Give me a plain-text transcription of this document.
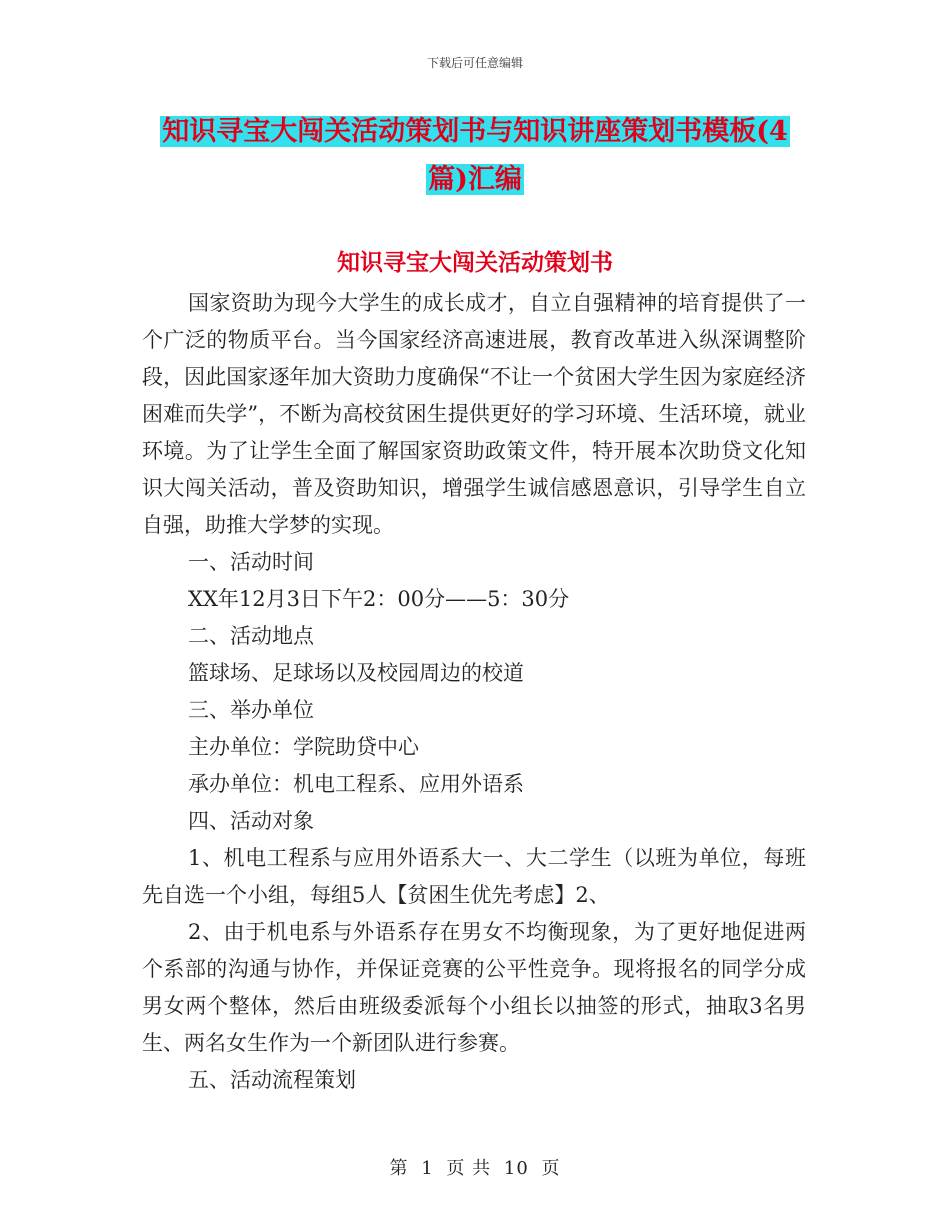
下载后可任意编辑
知识寻宝大闯关活动策划书与知识讲座策划书模板(4
篇)汇编
知识寻宝大闯关活动策划书

国家资助为现今大学生的成长成才，自立自强精神的培育提供了一个广泛的物质平台。当今国家经济高速进展，教育改革进入纵深调整阶段，因此国家逐年加大资助力度确保“不让一个贫困大学生因为家庭经济困难而失学”，不断为高校贫困生提供更好的学习环境、生活环境，就业环境。为了让学生全面了解国家资助政策文件，特开展本次助贷文化知识大闯关活动，普及资助知识，增强学生诚信感恩意识，引导学生自立自强，助推大学梦的实现。

一、活动时间

XX年12月3日下午2：00分——5：30分

二、活动地点

篮球场、足球场以及校园周边的校道

三、举办单位

主办单位：学院助贷中心

承办单位：机电工程系、应用外语系

四、活动对象

1、机电工程系与应用外语系大一、大二学生（以班为单位，每班先自选一个小组，每组5人【贫困生优先考虑】2、

2、由于机电系与外语系存在男女不均衡现象，为了更好地促进两个系部的沟通与协作，并保证竞赛的公平性竞争。现将报名的同学分成男女两个整体，然后由班级委派每个小组长以抽签的形式，抽取3名男生、两名女生作为一个新团队进行参赛。

五、活动流程策划

第 1 页 共 10 页
